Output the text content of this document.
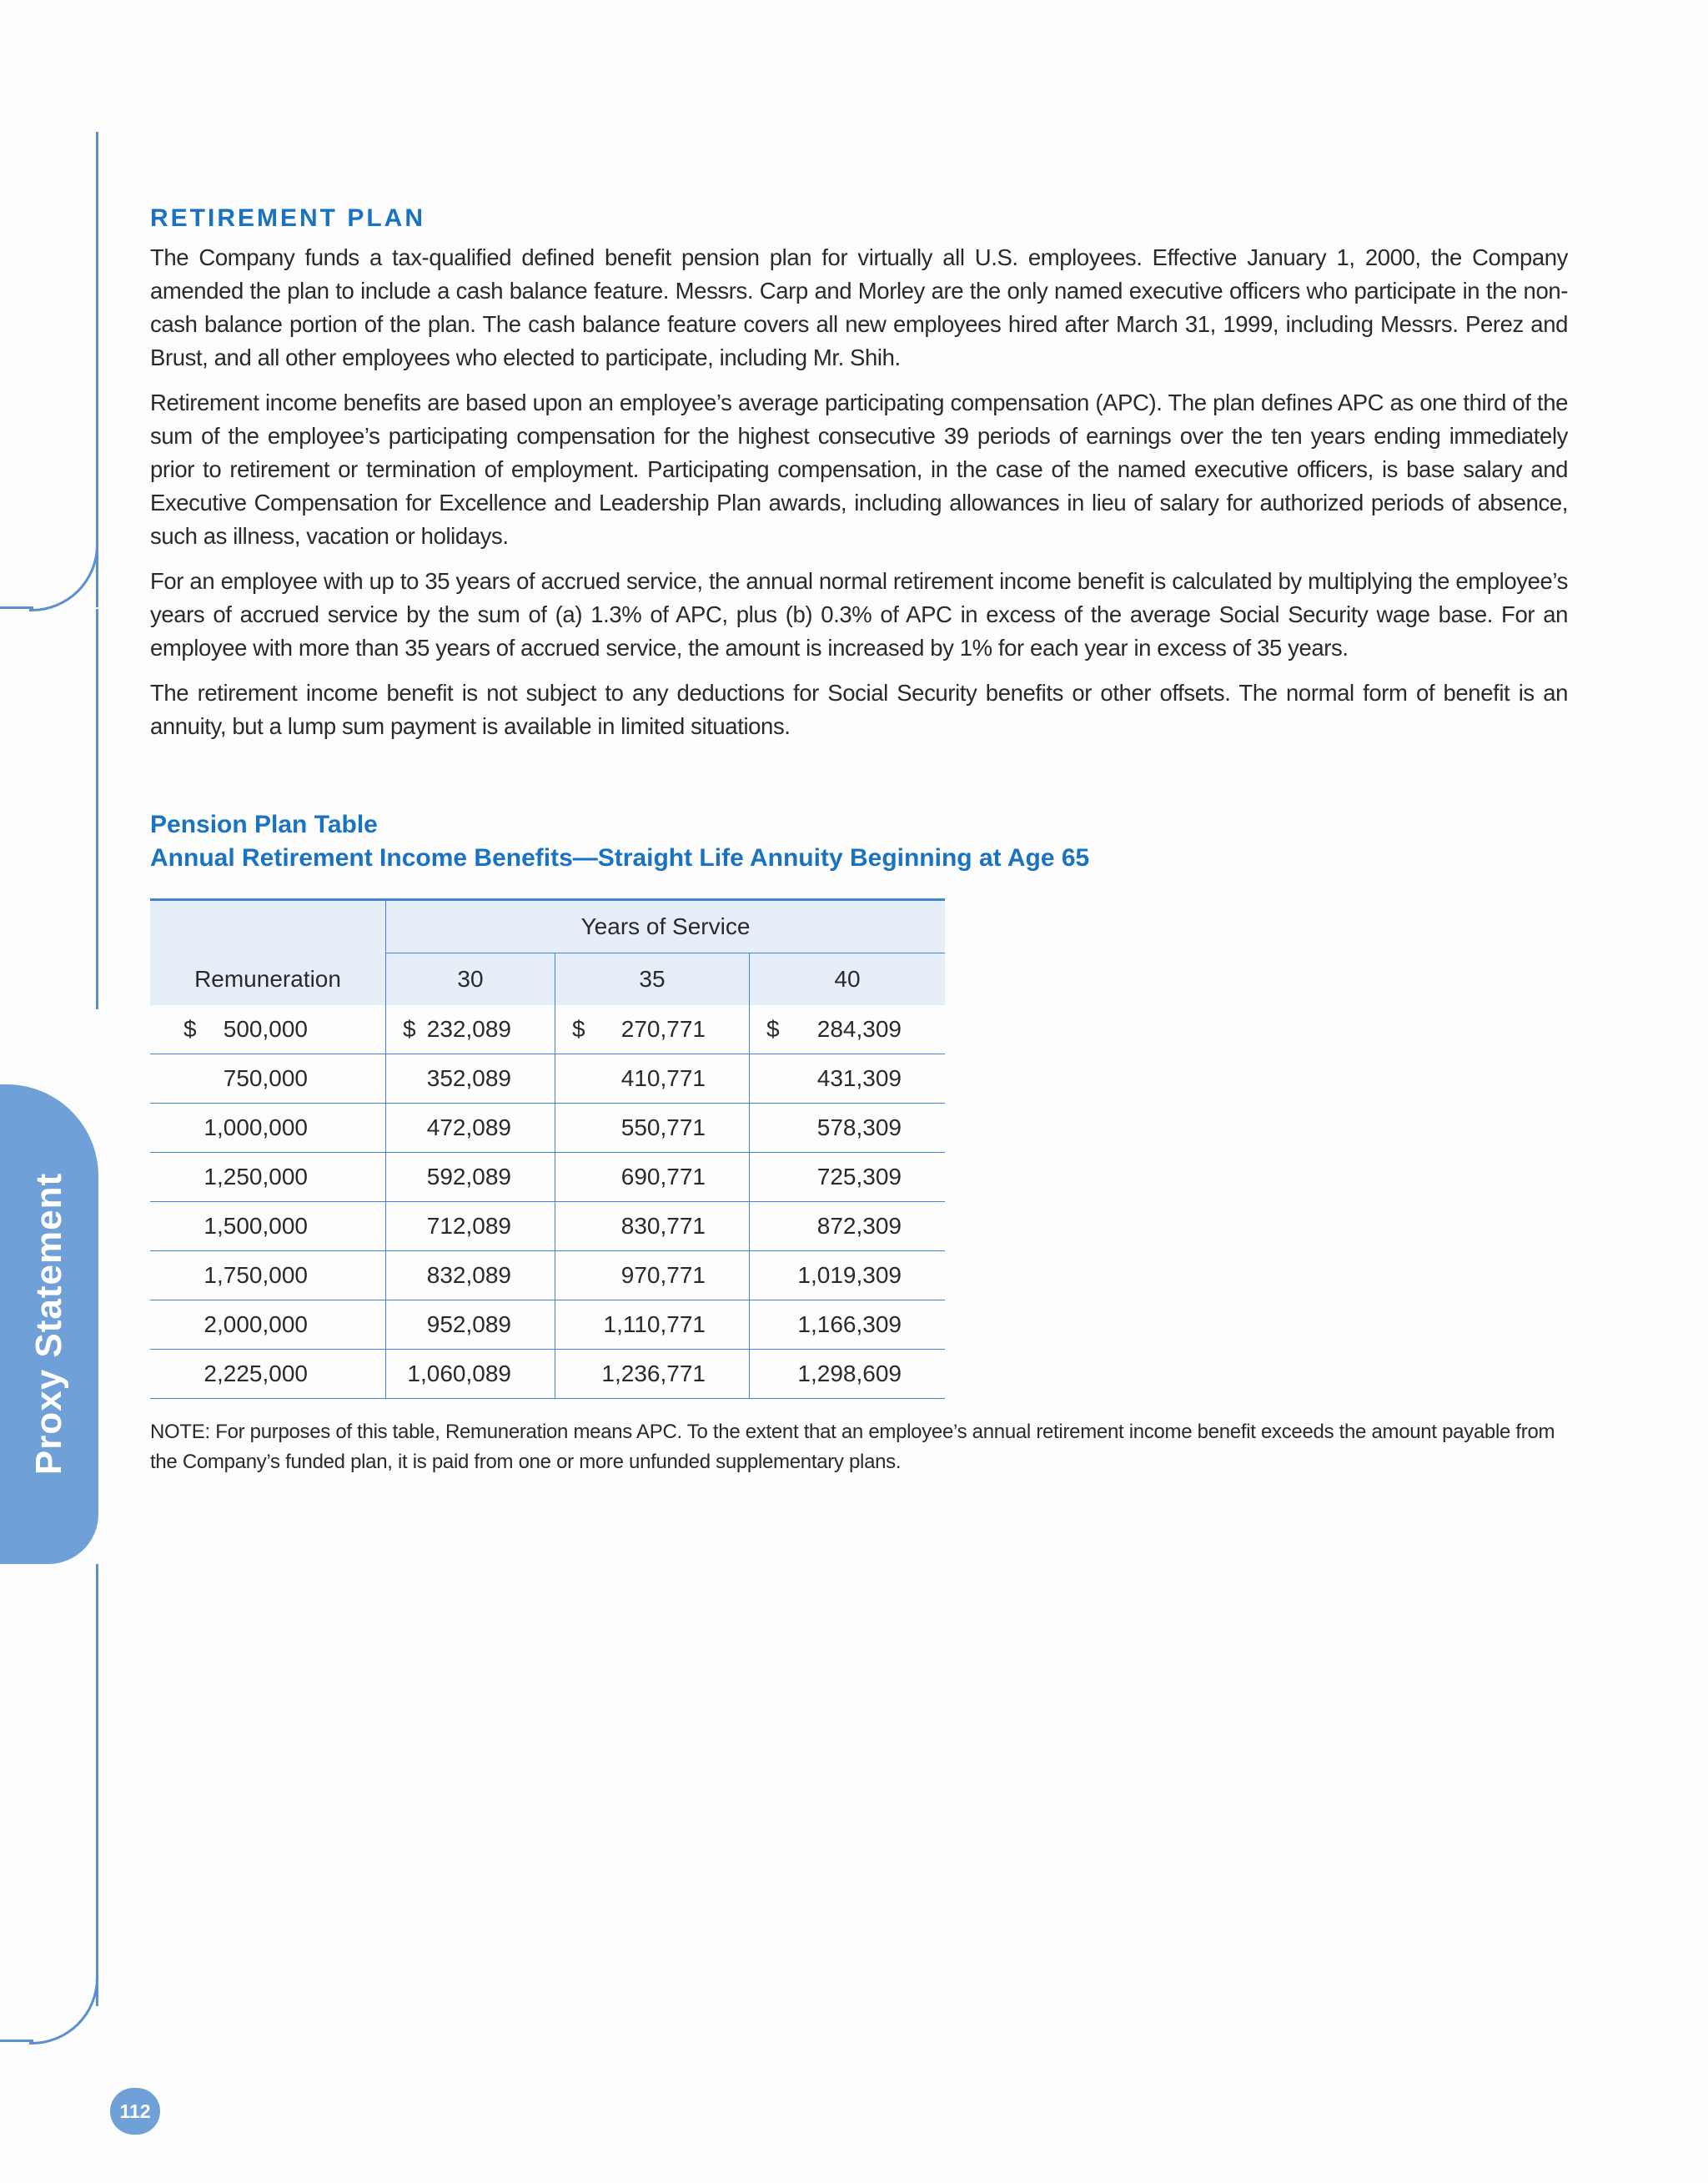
Proxy Statement
112
RETIREMENT PLAN

The Company funds a tax-qualified defined benefit pension plan for virtually all U.S. employees. Effective January 1, 2000, the Company amended the plan to include a cash balance feature. Messrs. Carp and Morley are the only named executive officers who participate in the non-cash balance portion of the plan. The cash balance feature covers all new employees hired after March 31, 1999, including Messrs. Perez and Brust, and all other employees who elected to participate, including Mr. Shih.

Retirement income benefits are based upon an employee’s average participating compensation (APC). The plan defines APC as one third of the sum of the employee’s participating compensation for the highest consecutive 39 periods of earnings over the ten years ending immediately prior to retirement or termination of employment. Participating compensation, in the case of the named executive officers, is base salary and Executive Compensation for Excellence and Leadership Plan awards, including allowances in lieu of salary for authorized periods of absence, such as illness, vacation or holidays.

For an employee with up to 35 years of accrued service, the annual normal retirement income benefit is calculated by multiplying the employee’s years of accrued service by the sum of (a) 1.3% of APC, plus (b) 0.3% of APC in excess of the average Social Security wage base. For an employee with more than 35 years of accrued service, the amount is increased by 1% for each year in excess of 35 years.

The retirement income benefit is not subject to any deductions for Social Security benefits or other offsets. The normal form of benefit is an annuity, but a lump sum payment is available in limited situations.

Pension Plan Table
Annual Retirement Income Benefits—Straight Life Annuity Beginning at Age 65
	Years of Service		
Remuneration	30	35	40

$ 500,000	$ 232,089	$ 270,771	$ 284,309
750,000	352,089	410,771	431,309
1,000,000	472,089	550,771	578,309
1,250,000	592,089	690,771	725,309
1,500,000	712,089	830,771	872,309
1,750,000	832,089	970,771	1,019,309
2,000,000	952,089	1,110,771	1,166,309
2,225,000	1,060,089	1,236,771	1,298,609
NOTE: For purposes of this table, Remuneration means APC. To the extent that an employee’s annual retirement income benefit exceeds the amount payable from the Company’s funded plan, it is paid from one or more unfunded supplementary plans.
